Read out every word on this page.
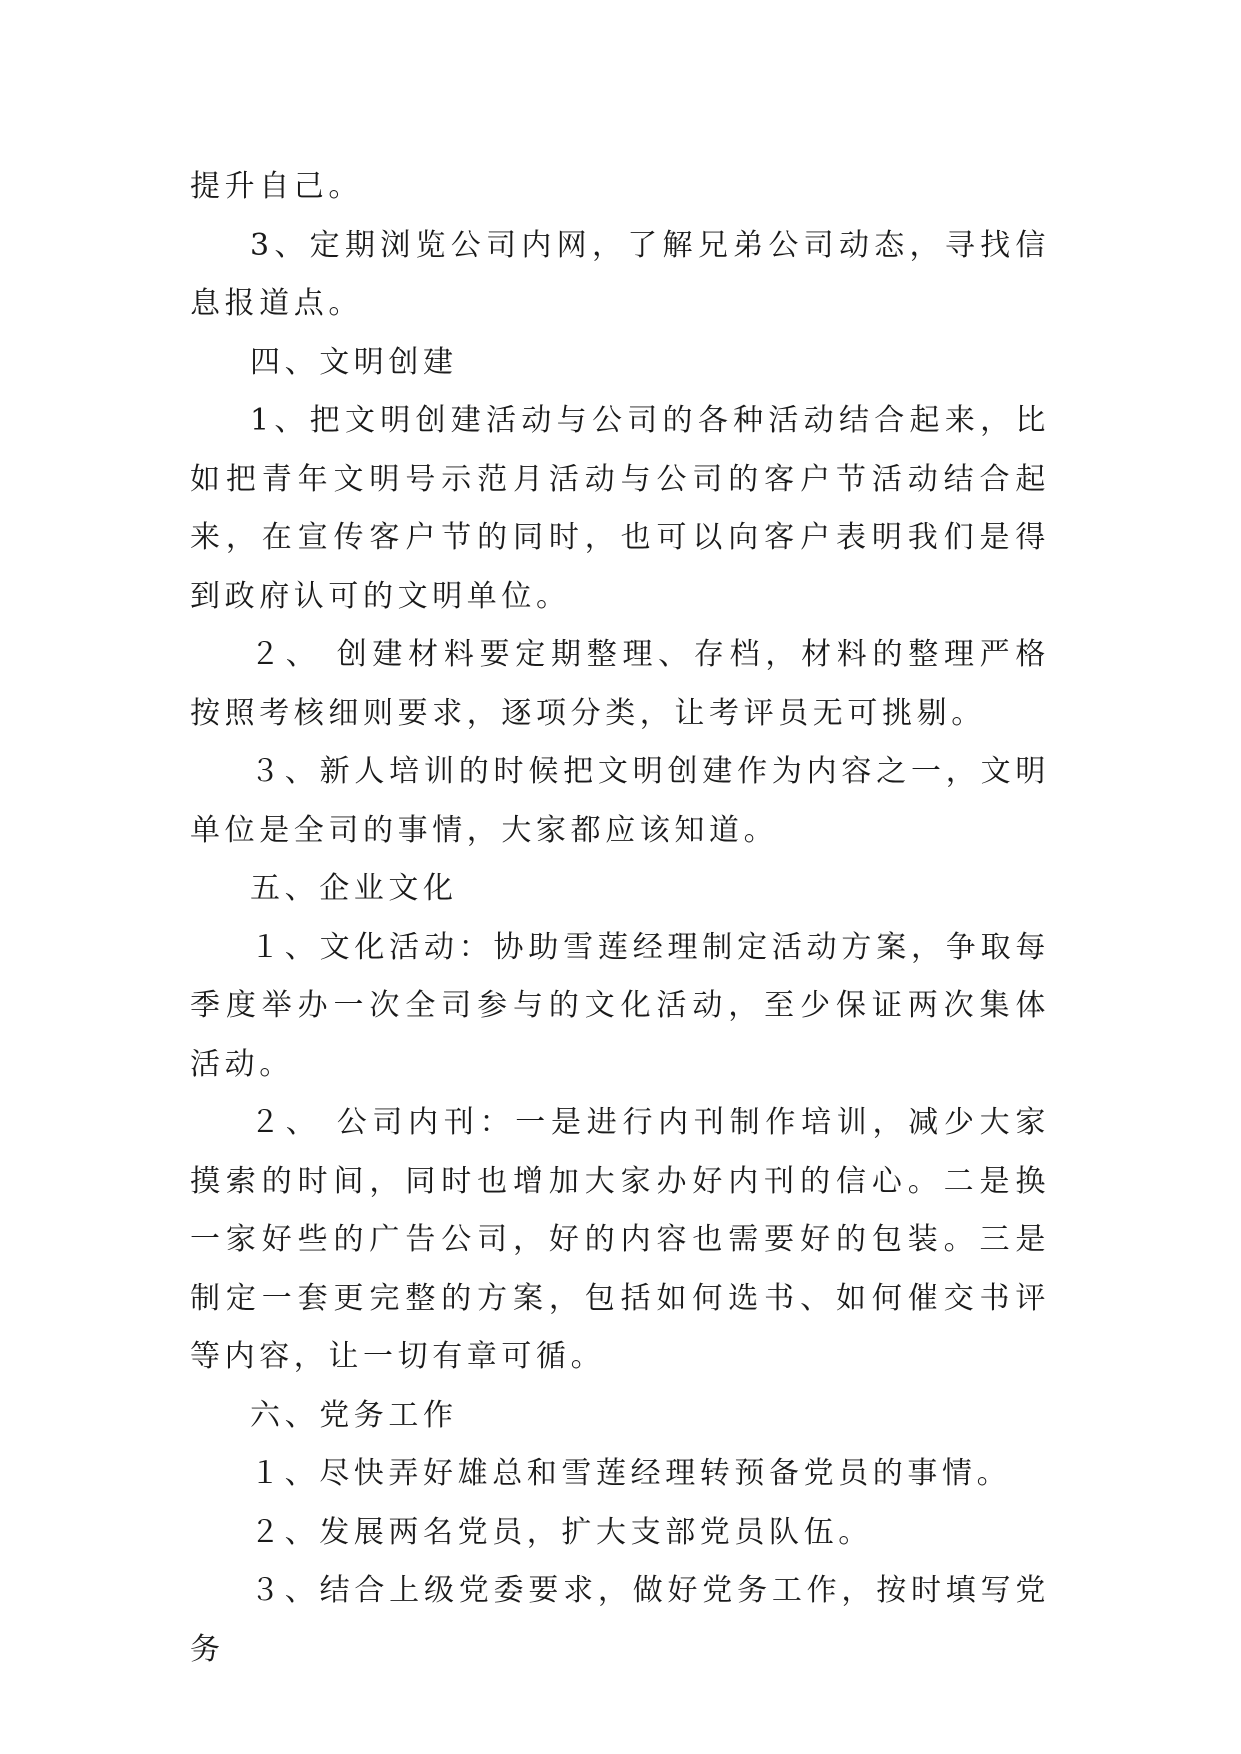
提升自己。

3、定期浏览公司内网，了解兄弟公司动态，寻找信息报道点。

四、文明创建

1、把文明创建活动与公司的各种活动结合起来，比如把青年文明号示范月活动与公司的客户节活动结合起来，在宣传客户节的同时，也可以向客户表明我们是得到政府认可的文明单位。

２、 创建材料要定期整理、存档，材料的整理严格按照考核细则要求，逐项分类，让考评员无可挑剔。

３、新人培训的时候把文明创建作为内容之一，文明单位是全司的事情，大家都应该知道。

五、企业文化

１、文化活动：协助雪莲经理制定活动方案，争取每季度举办一次全司参与的文化活动，至少保证两次集体活动。

２、 公司内刊：一是进行内刊制作培训，减少大家摸索的时间，同时也增加大家办好内刊的信心。二是换一家好些的广告公司，好的内容也需要好的包装。三是制定一套更完整的方案，包括如何选书、如何催交书评等内容，让一切有章可循。

六、党务工作

１、尽快弄好雄总和雪莲经理转预备党员的事情。

２、发展两名党员，扩大支部党员队伍。

３、结合上级党委要求，做好党务工作，按时填写党务
